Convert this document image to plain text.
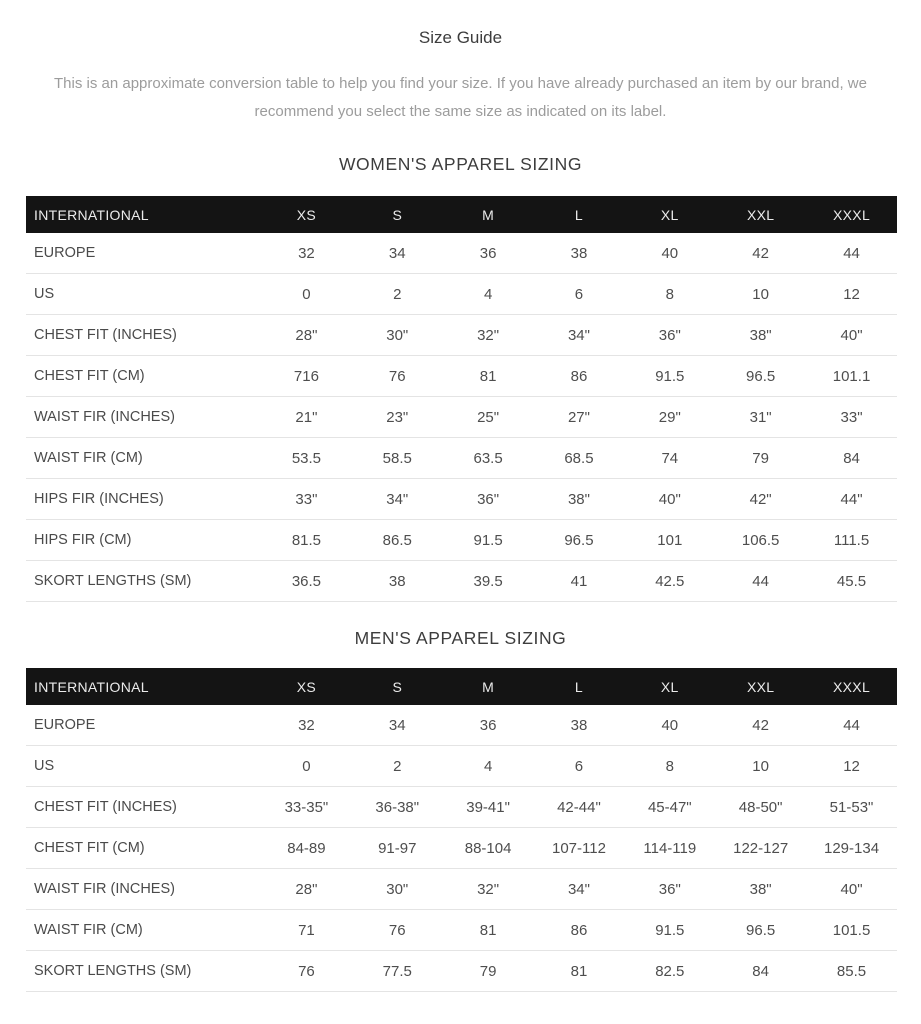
Size Guide

This is an approximate conversion table to help you find your size. If you have already purchased an item by our brand, we recommend you select the same size as indicated on its label.

WOMEN'S APPAREL SIZING
INTERNATIONAL	XS	S	M	L	XL	XXL	XXXL
EUROPE	32	34	36	38	40	42	44
US	0	2	4	6	8	10	12
CHEST FIT (INCHES)	28"	30"	32"	34"	36"	38"	40"
CHEST FIT (CM)	716	76	81	86	91.5	96.5	101.1
WAIST FIR (INCHES)	21"	23"	25"	27"	29"	31"	33"
WAIST FIR (CM)	53.5	58.5	63.5	68.5	74	79	84
HIPS FIR (INCHES)	33"	34"	36"	38"	40"	42"	44"
HIPS FIR (CM)	81.5	86.5	91.5	96.5	101	106.5	111.5
SKORT LENGTHS (SM)	36.5	38	39.5	41	42.5	44	45.5
MEN'S APPAREL SIZING
INTERNATIONAL	XS	S	M	L	XL	XXL	XXXL
EUROPE	32	34	36	38	40	42	44
US	0	2	4	6	8	10	12
CHEST FIT (INCHES)	33-35"	36-38"	39-41"	42-44"	45-47"	48-50"	51-53"
CHEST FIT (CM)	84-89	91-97	88-104	107-112	114-119	122-127	129-134
WAIST FIR (INCHES)	28"	30"	32"	34"	36"	38"	40"
WAIST FIR (CM)	71	76	81	86	91.5	96.5	101.5
SKORT LENGTHS (SM)	76	77.5	79	81	82.5	84	85.5
